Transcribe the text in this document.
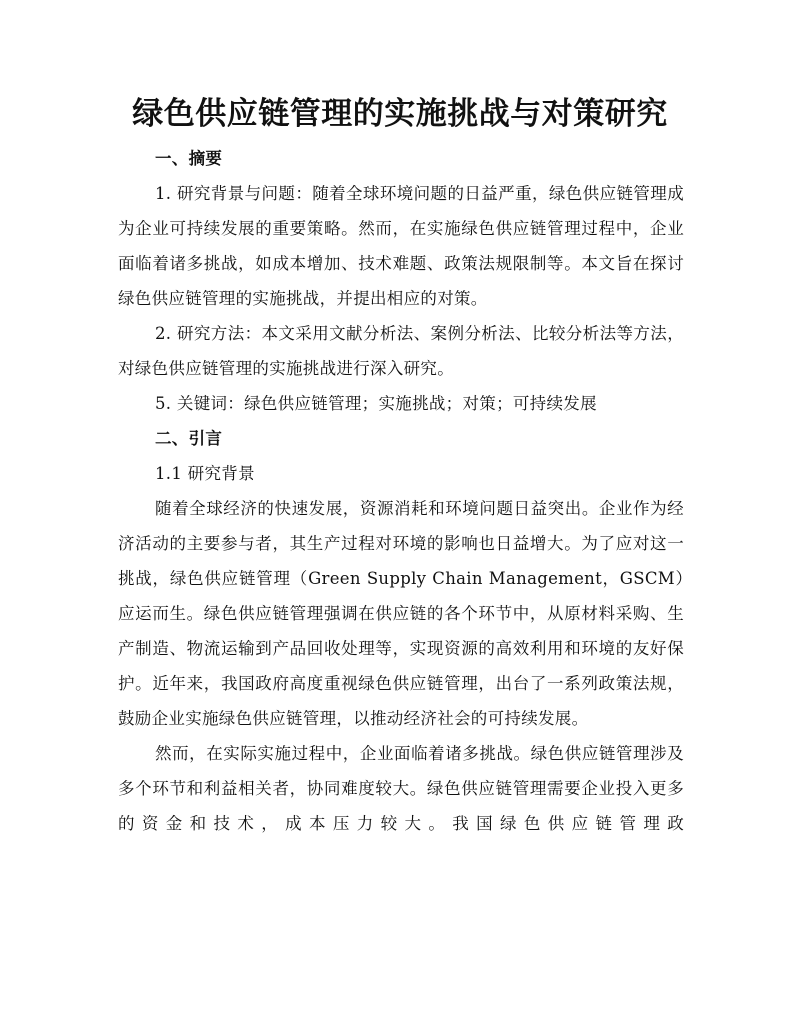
绿色供应链管理的实施挑战与对策研究

一、摘要

1. 研究背景与问题：随着全球环境问题的日益严重，绿色供应链管理成为企业可持续发展的重要策略。然而，在实施绿色供应链管理过程中，企业面临着诸多挑战，如成本增加、技术难题、政策法规限制等。本文旨在探讨绿色供应链管理的实施挑战，并提出相应的对策。

2. 研究方法：本文采用文献分析法、案例分析法、比较分析法等方法，对绿色供应链管理的实施挑战进行深入研究。

5. 关键词：绿色供应链管理；实施挑战；对策；可持续发展

二、引言

1.1 研究背景

随着全球经济的快速发展，资源消耗和环境问题日益突出。企业作为经济活动的主要参与者，其生产过程对环境的影响也日益增大。为了应对这一挑战，绿色供应链管理（Green Supply Chain Management，GSCM）应运而生。绿色供应链管理强调在供应链的各个环节中，从原材料采购、生产制造、物流运输到产品回收处理等，实现资源的高效利用和环境的友好保护。近年来，我国政府高度重视绿色供应链管理，出台了一系列政策法规，鼓励企业实施绿色供应链管理，以推动经济社会的可持续发展。

然而，在实际实施过程中，企业面临着诸多挑战。绿色供应链管理涉及多个环节和利益相关者，协同难度较大。绿色供应链管理需要企业投入更多的资金和技术，成本压力较大。我国绿色供应链管理政
